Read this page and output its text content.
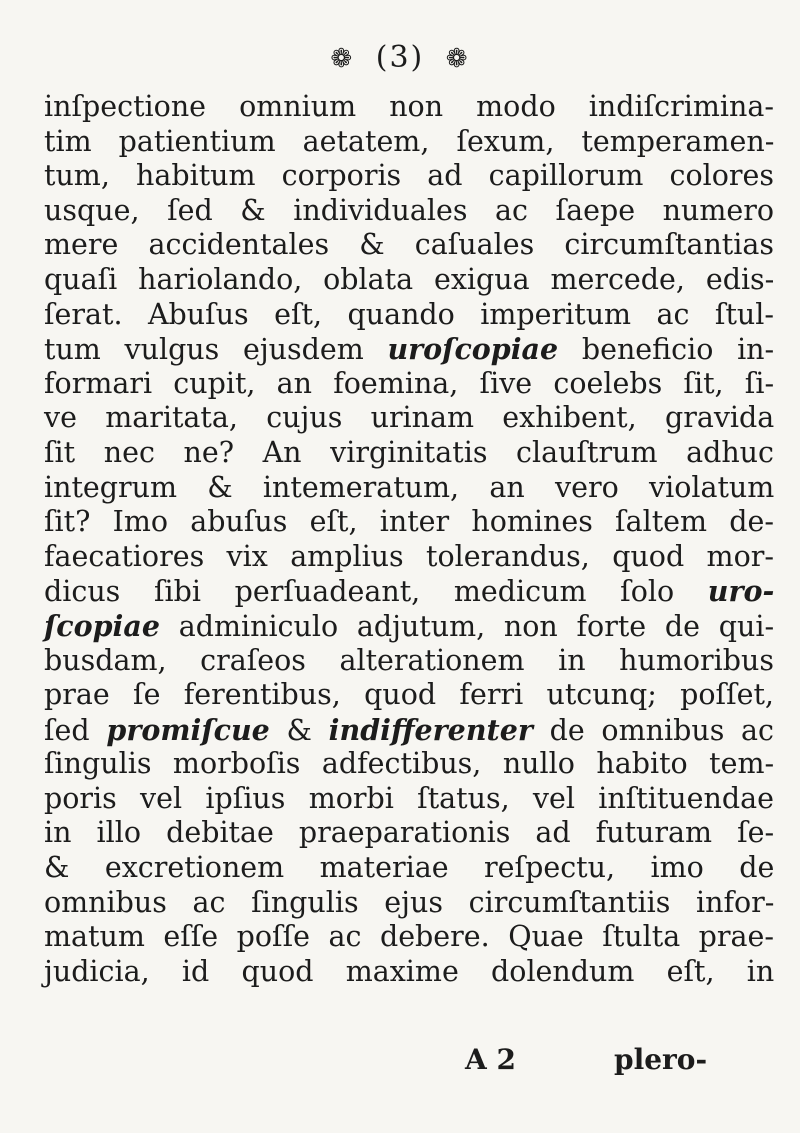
❁ (3) ❁
inſpectione omnium non modo indiſcrimina-
tim patientium aetatem, ſexum, temperamen-
tum, habitum corporis ad capillorum colores
usque, ſed & individuales ac ſaepe numero
mere accidentales & caſuales circumſtantias
quaſi hariolando, oblata exigua mercede, edis-
ſerat. Abuſus eſt, quando imperitum ac ſtul-
tum vulgus ejusdem uroſcopiae beneficio in-
formari cupit, an foemina, ſive coelebs ſit, ſi-
ve maritata, cujus urinam exhibent, gravida
ſit nec ne? An virginitatis clauſtrum adhuc
integrum & intemeratum, an vero violatum
ſit? Imo abuſus eſt, inter homines ſaltem de-
faecatiores vix amplius tolerandus, quod mor-
dicus ſibi perſuadeant, medicum ſolo uro-
ſcopiae adminiculo adjutum, non forte de qui-
busdam, craſeos alterationem in humoribus
prae ſe ferentibus, quod ferri utcunq; poſſet,
ſed promiſcue & indifferenter de omnibus ac
ſingulis morboſis adfectibus, nullo habito tem-
poris vel ipſius morbi ſtatus, vel inſtituendae
in illo debitae praeparationis ad futuram ſe-
& excretionem materiae reſpectu, imo de
omnibus ac ſingulis ejus circumſtantiis infor-
matum eſſe poſſe ac debere. Quae ſtulta prae-
judicia, id quod maxime dolendum eſt, in
A 2	plero-
